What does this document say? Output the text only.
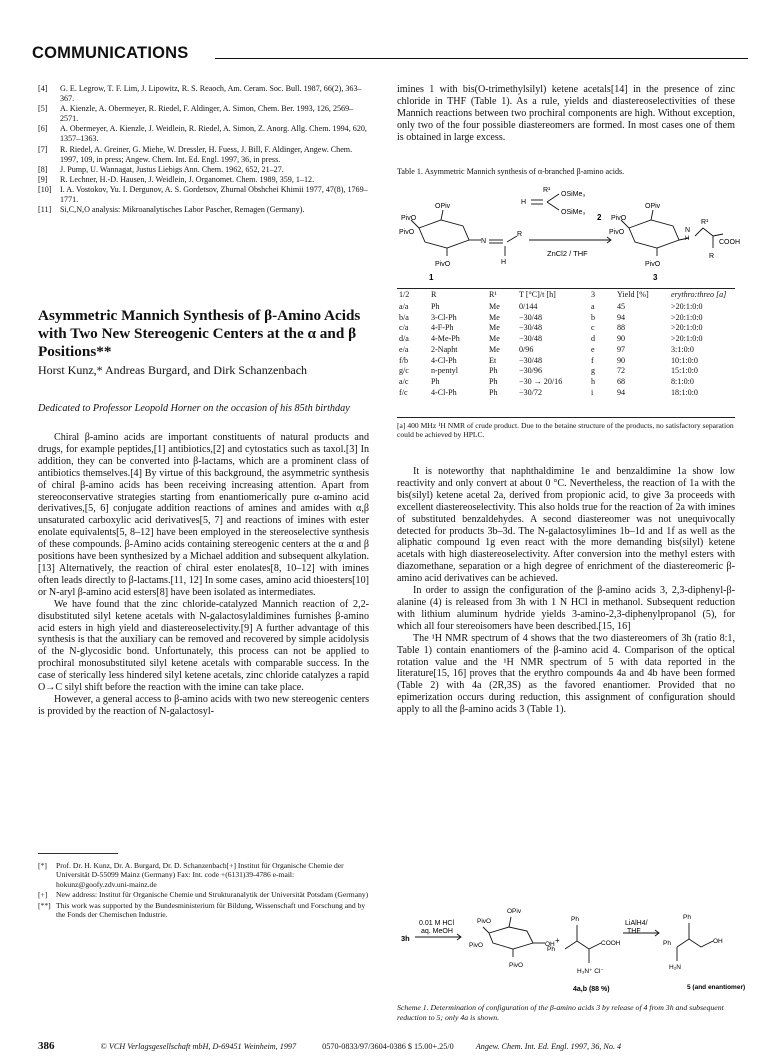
COMMUNICATIONS
[4]	G. E. Legrow, T. F. Lim, J. Lipowitz, R. S. Reaoch, Am. Ceram. Soc. Bull. 1987, 66(2), 363–367.
[5]	A. Kienzle, A. Obermeyer, R. Riedel, F. Aldinger, A. Simon, Chem. Ber. 1993, 126, 2569–2571.
[6]	A. Obermeyer, A. Kienzle, J. Weidlein, R. Riedel, A. Simon, Z. Anorg. Allg. Chem. 1994, 620, 1357–1363.
[7]	R. Riedel, A. Greiner, G. Miehe, W. Dressler, H. Fuess, J. Bill, F. Aldinger, Angew. Chem. 1997, 109, in press; Angew. Chem. Int. Ed. Engl. 1997, 36, in press.
[8]	J. Pump, U. Wannagat, Justus Liebigs Ann. Chem. 1962, 652, 21–27.
[9]	R. Lechner, H.-D. Hausen, J. Weidlein, J. Organomet. Chem. 1989, 359, 1–12.
[10]	I. A. Vostokov, Yu. I. Dergunov, A. S. Gordetsov, Zhurnal Obshchei Khimii 1977, 47(8), 1769–1771.
[11]	Si,C,N,O analysis: Mikroanalytisches Labor Pascher, Remagen (Germany).
Asymmetric Mannich Synthesis of β-Amino Acids with Two New Stereogenic Centers at the α and β Positions**
Horst Kunz,* Andreas Burgard, and Dirk Schanzenbach
Dedicated to Professor Leopold Horner on the occasion of his 85th birthday

Chiral β-amino acids are important constituents of natural products and drugs, for example peptides,[1] antibiotics,[2] and cytostatics such as taxol.[3] In addition, they can be converted into β-lactams, which are a prominent class of antibiotics themselves.[4] By virtue of this background, the asymmetric synthesis of chiral β-amino acids has been receiving increasing attention. Apart from stereoconservative strategies starting from enantiomerically pure α-amino acid derivatives,[5, 6] conjugate addition reactions of amines and amides with α,β unsaturated carboxylic acid derivatives[5, 7] and reactions of imines with ester enolate equivalents[5, 8–12] have been employed in the stereoselective synthesis of these compounds. β-Amino acids containing stereogenic centers at the α and β positions have been synthesized by a Michael addition and subsequent alkylation.[13] Alternatively, the reaction of chiral ester enolates[8, 10–12] with imines often leads directly to β-lactams.[11, 12] In some cases, amino acid thioesters[10] or N-aryl β-amino acid esters[8] have been isolated as intermediates.

We have found that the zinc chloride-catalyzed Mannich reaction of 2,2-disubstituted silyl ketene acetals with N-galactosylaldimines furnishes β-amino acid esters in high yield and diastereoselectivity.[9] A further advantage of this synthesis is that the auxiliary can be removed and recovered by simple acidolysis of the N-glycosidic bond. Unfortunately, this process can not be applied to prochiral monosubstituted silyl ketene acetals with comparable success. In the case of sterically less hindered silyl ketene acetals, zinc chloride catalyzes a rapid O→C silyl shift before the reaction with the imine can take place.

However, a general access to β-amino acids with two new stereogenic centers is provided by the reaction of N-galactosyl-

[*]	Prof. Dr. H. Kunz, Dr. A. Burgard, Dr. D. Schanzenbach[+] Institut für Organische Chemie der Universität D-55099 Mainz (Germany) Fax: Int. code +(6131)39-4786 e-mail: hokunz@goofy.zdv.uni-mainz.de
[+]	New address: Institut für Organische Chemie und Strukturanalytik der Universität Potsdam (Germany)
[**] This work was supported by the Bundesministerium für Bildung, Wissenschaft und Forschung and by the Fonds der Chemischen Industrie.
imines 1 with bis(O-trimethylsilyl) ketene acetals[14] in the presence of zinc chloride in THF (Table 1). As a rule, yields and diastereoselectivities of these Mannich reactions between two prochiral components are high. Without exception, only two of the four possible diastereomers are formed. In most cases one of them is obtained in large excess.
Table 1. Asymmetric Mannich synthesis of α-branched β-amino acids.
PivO
OPiv
PivO
PivO
N
R
H
R¹
OSiMe₃
H
OSiMe₃
2
ZnCl2 / THF
PivO
OPiv
PivO
PivO
N
H
R¹
COOH
R
1	3
1/2	R	R¹	T [°C]/t [h]	3	Yield [%]	erythro:threo [a]
a/a	Ph	Me	0/144	a	45	>20:1:0:0
b/a	3-Cl-Ph	Me	−30/48	b	94	>20:1:0:0
c/a	4-F-Ph	Me	−30/48	c	88	>20:1:0:0
d/a	4-Me-Ph	Me	−30/48	d	90	>20:1:0:0
e/a	2-Napht	Me	0/96	e	97	3:1:0:0
f/b	4-Cl-Ph	Et	−30/48	f	90	10:1:0:0
g/c	n-pentyl	Ph	−30/96	g	72	15:1:0:0
a/c	Ph	Ph	−30 → 20/16	h	68	8:1:0:0
f/c	4-Cl-Ph	Ph	−30/72	i	94	18:1:0:0
[a] 400 MHz ¹H NMR of crude product. Due to the betaine structure of the products, no satisfactory separation could be achieved by HPLC.

It is noteworthy that naphthaldimine 1e and benzaldimine 1a show low reactivity and only convert at about 0 °C. Nevertheless, the reaction of 1a with the bis(silyl) ketene acetal 2a, derived from propionic acid, to give 3a proceeds with excellent diastereoselectivity. This also holds true for the reaction of 2a with imines of substituted benzaldehydes. A second diastereomer was not unequivocally detected for products 3b–3d. The N-galactosylimines 1b–1d and 1f as well as the aliphatic compound 1g even react with the more demanding bis(silyl) ketene acetals with high diastereoselectivity. After conversion into the methyl esters with diazomethane, separation or a high degree of enrichment of the diastereomeric β-amino acid derivatives can be achieved.

In order to assign the configuration of the β-amino acids 3, 2,3-diphenyl-β-alanine (4) is released from 3h with 1 N HCl in methanol. Subsequent reduction with lithium aluminum hydride yields 3-amino-2,3-diphenylpropanol (5), for which all four stereoisomers have been described.[15, 16]

The ¹H NMR spectrum of 4 shows that the two diastereomers of 3h (ratio 8:1, Table 1) contain enantiomers of the β-amino acid 4. Comparison of the optical rotation value and the ¹H NMR spectrum of 5 with data reported in the literature[15, 16] proves that the erythro compounds 4a and 4b have been formed (Table 2) with 4a (2R,3S) as the favored enantiomer. Provided that no epimerization occurs during reduction, this assignment of configuration should apply to all the β-amino acids 3 (Table 1).

3h
0.01 M HCl
aq. MeOH
PivO
OPiv
PivO
PivO
OH +
Ph
Ph
COOH
H₃N⁺ Cl⁻
4a,b (88 %)
LiAlH4/
THF
Ph
Ph	OH
H₂N
5 (and enantiomer)
Scheme 1. Determination of configuration of the β-amino acids 3 by release of 4 from 3h and subsequent reduction to 5; only 4a is shown.
386	© VCH Verlagsgesellschaft mbH, D-69451 Weinheim, 1997	0570-0833/97/3604-0386 $ 15.00+.25/0	Angew. Chem. Int. Ed. Engl. 1997, 36, No. 4
